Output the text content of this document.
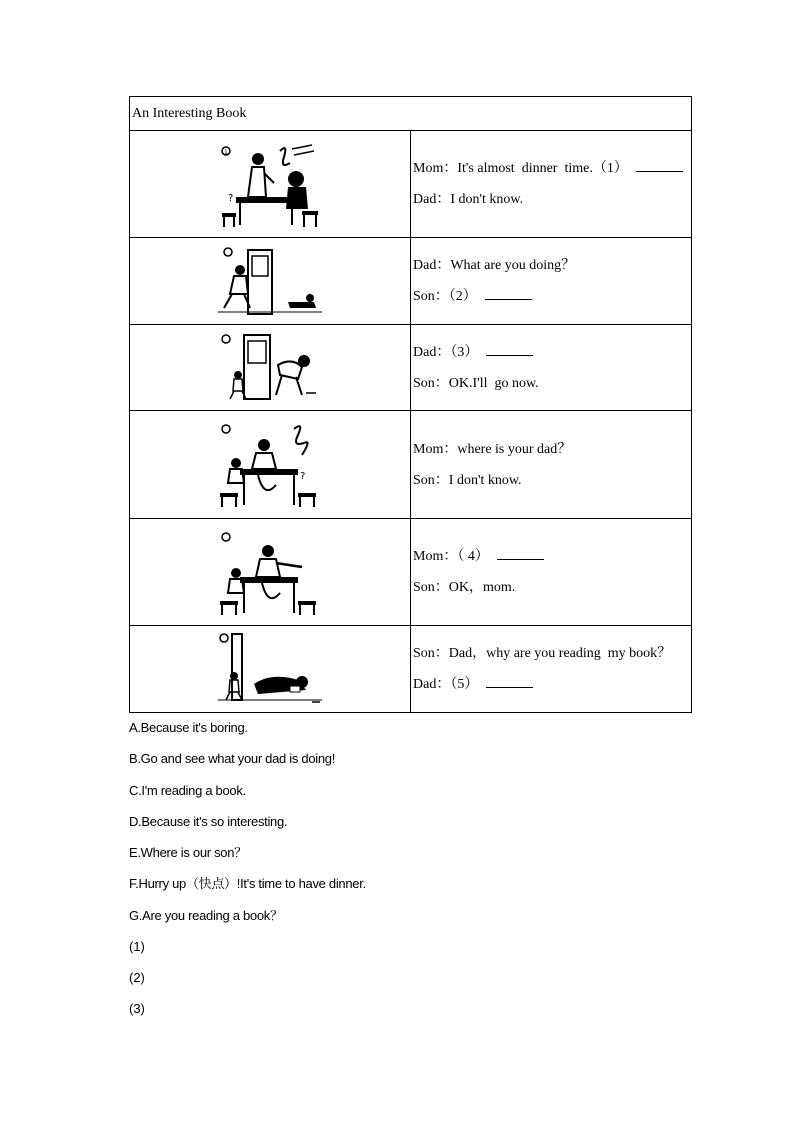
An Interesting Book	

1
?	Mom：It's almost  dinner  time.（1）
Dad：I don't know.

Dad：What are you doing？
Son：（2）

Dad：（3）
Son：OK.I'll  go now.

?	Mom：where is your dad？
Son：I don't know.

Mom：（ 4）
Son：OK，mom.

Son：Dad，why are you reading  my book？
Dad：（5）
A.Because it's boring.
B.Go and see what your dad is doing!
C.I'm reading a book.
D.Because it's so interesting.
E.Where is our son？
F.Hurry up（快点）!It's time to have dinner.
G.Are you reading a book？
(1)
(2)
(3)
